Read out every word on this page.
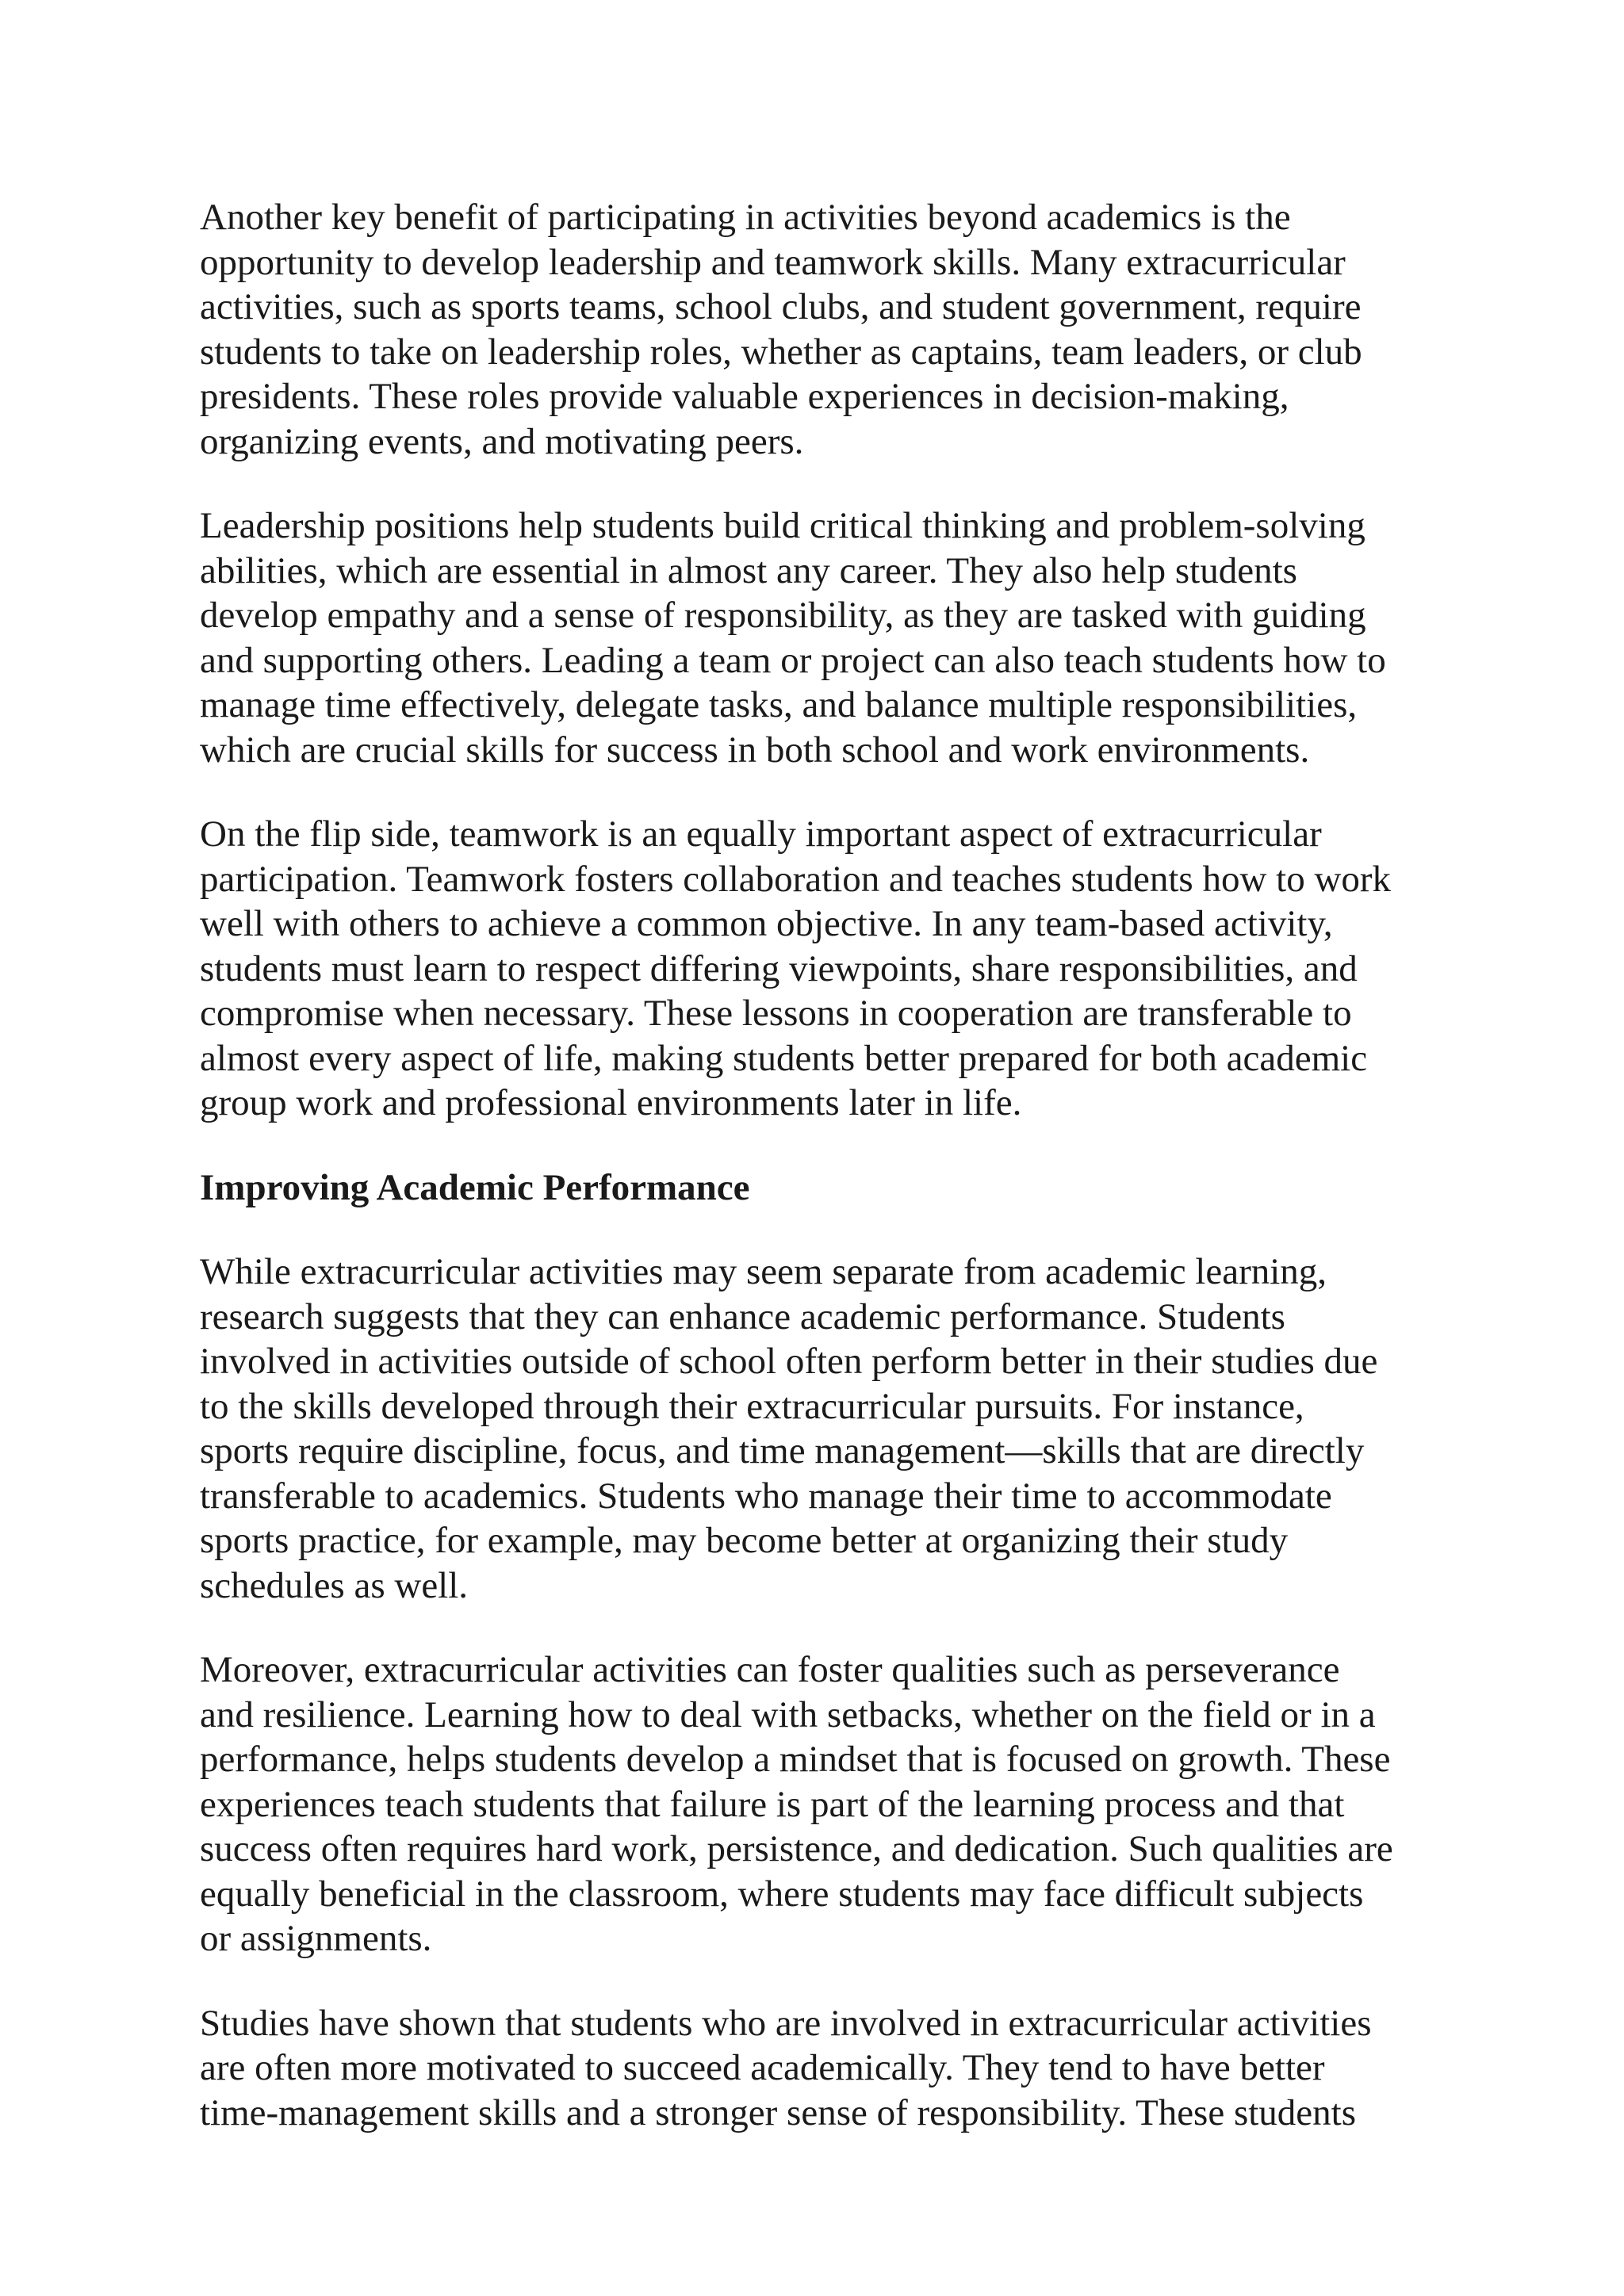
Another key benefit of participating in activities beyond academics is the
opportunity to develop leadership and teamwork skills. Many extracurricular
activities, such as sports teams, school clubs, and student government, require
students to take on leadership roles, whether as captains, team leaders, or club
presidents. These roles provide valuable experiences in decision-making,
organizing events, and motivating peers.
Leadership positions help students build critical thinking and problem-solving
abilities, which are essential in almost any career. They also help students
develop empathy and a sense of responsibility, as they are tasked with guiding
and supporting others. Leading a team or project can also teach students how to
manage time effectively, delegate tasks, and balance multiple responsibilities,
which are crucial skills for success in both school and work environments.
On the flip side, teamwork is an equally important aspect of extracurricular
participation. Teamwork fosters collaboration and teaches students how to work
well with others to achieve a common objective. In any team-based activity,
students must learn to respect differing viewpoints, share responsibilities, and
compromise when necessary. These lessons in cooperation are transferable to
almost every aspect of life, making students better prepared for both academic
group work and professional environments later in life.
Improving Academic Performance
While extracurricular activities may seem separate from academic learning,
research suggests that they can enhance academic performance. Students
involved in activities outside of school often perform better in their studies due
to the skills developed through their extracurricular pursuits. For instance,
sports require discipline, focus, and time management—skills that are directly
transferable to academics. Students who manage their time to accommodate
sports practice, for example, may become better at organizing their study
schedules as well.
Moreover, extracurricular activities can foster qualities such as perseverance
and resilience. Learning how to deal with setbacks, whether on the field or in a
performance, helps students develop a mindset that is focused on growth. These
experiences teach students that failure is part of the learning process and that
success often requires hard work, persistence, and dedication. Such qualities are
equally beneficial in the classroom, where students may face difficult subjects
or assignments.
Studies have shown that students who are involved in extracurricular activities
are often more motivated to succeed academically. They tend to have better
time-management skills and a stronger sense of responsibility. These students
